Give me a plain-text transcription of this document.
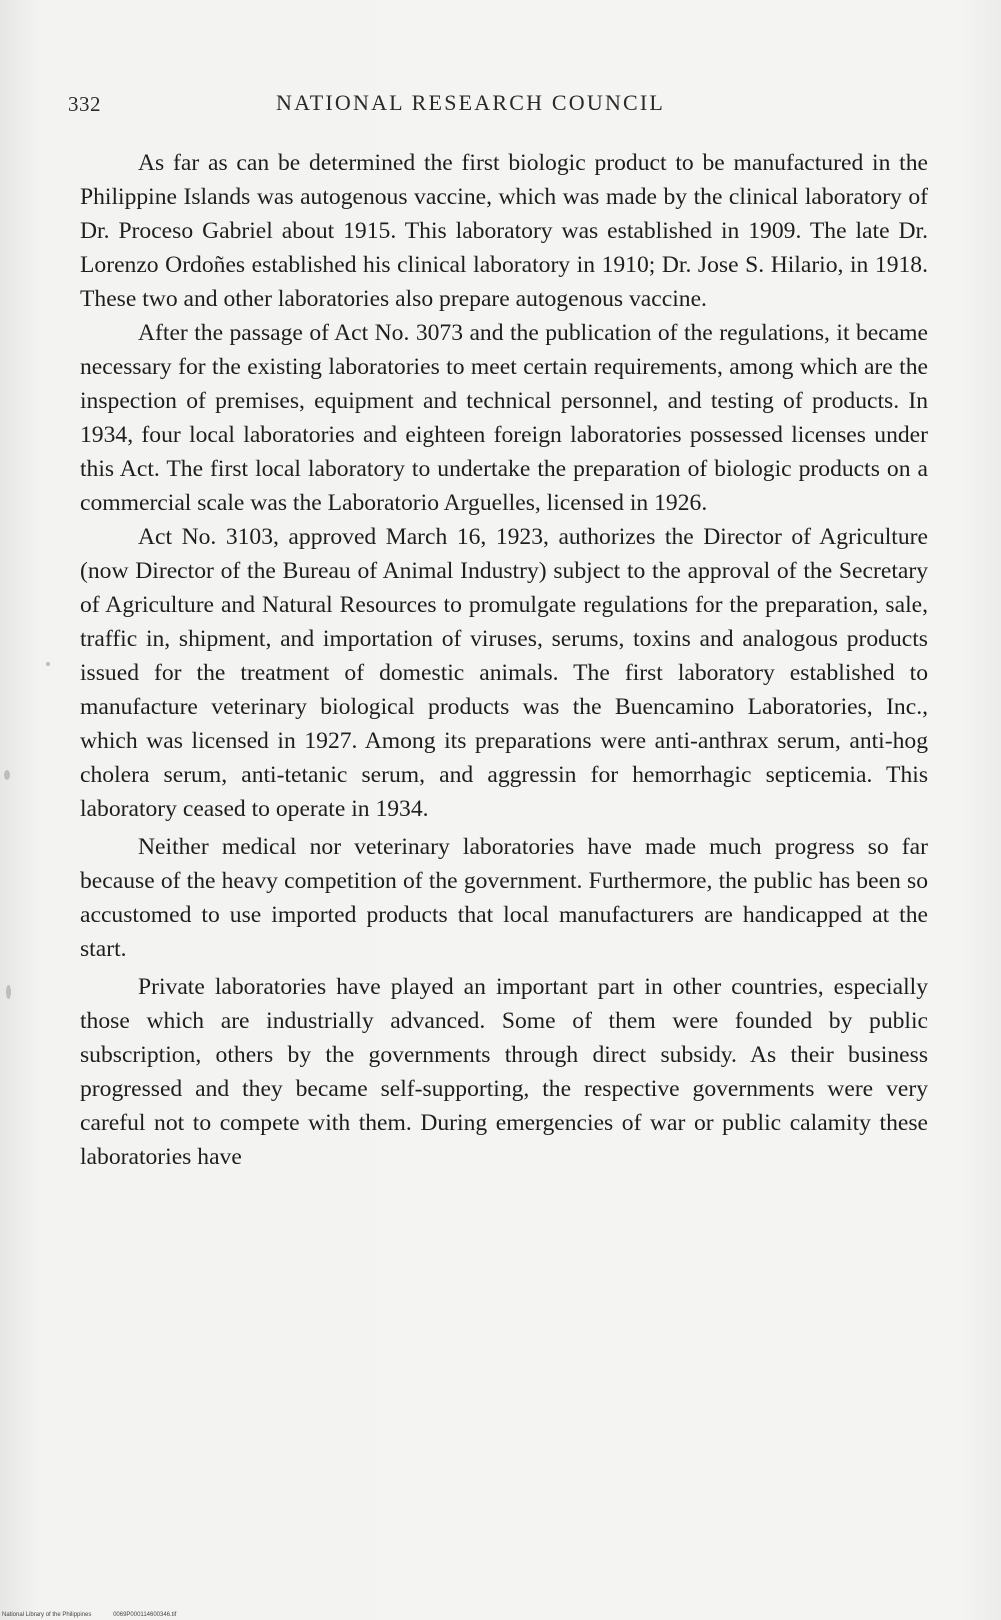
332	NATIONAL RESEARCH COUNCIL

As far as can be determined the first biologic product to be manufactured in the Philippine Islands was autogenous vaccine, which was made by the clinical laboratory of Dr. Proceso Gabriel about 1915. This laboratory was established in 1909. The late Dr. Lorenzo Ordoñes established his clinical laboratory in 1910; Dr. Jose S. Hilario, in 1918. These two and other laboratories also prepare autogenous vaccine.

After the passage of Act No. 3073 and the publication of the regulations, it became necessary for the existing laboratories to meet certain requirements, among which are the inspection of premises, equipment and technical personnel, and testing of products. In 1934, four local laboratories and eighteen foreign laboratories possessed licenses under this Act. The first local laboratory to undertake the preparation of biologic products on a commercial scale was the Laboratorio Arguelles, licensed in 1926.

Act No. 3103, approved March 16, 1923, authorizes the Director of Agriculture (now Director of the Bureau of Animal Industry) subject to the approval of the Secretary of Agriculture and Natural Resources to promulgate regulations for the preparation, sale, traffic in, shipment, and importation of viruses, serums, toxins and analogous products issued for the treatment of domestic animals. The first laboratory established to manufacture veterinary biological products was the Buencamino Laboratories, Inc., which was licensed in 1927. Among its preparations were anti-anthrax serum, anti-hog cholera serum, anti-tetanic serum, and aggressin for hemorrhagic septicemia. This laboratory ceased to operate in 1934.

Neither medical nor veterinary laboratories have made much progress so far because of the heavy competition of the government. Furthermore, the public has been so accustomed to use imported products that local manufacturers are handicapped at the start.

Private laboratories have played an important part in other countries, especially those which are industrially advanced. Some of them were founded by public subscription, others by the governments through direct subsidy. As their business progressed and they became self-supporting, the respective governments were very careful not to compete with them. During emergencies of war or public calamity these laboratories have

National Library of the Philippines	0069P000114600346.tif
